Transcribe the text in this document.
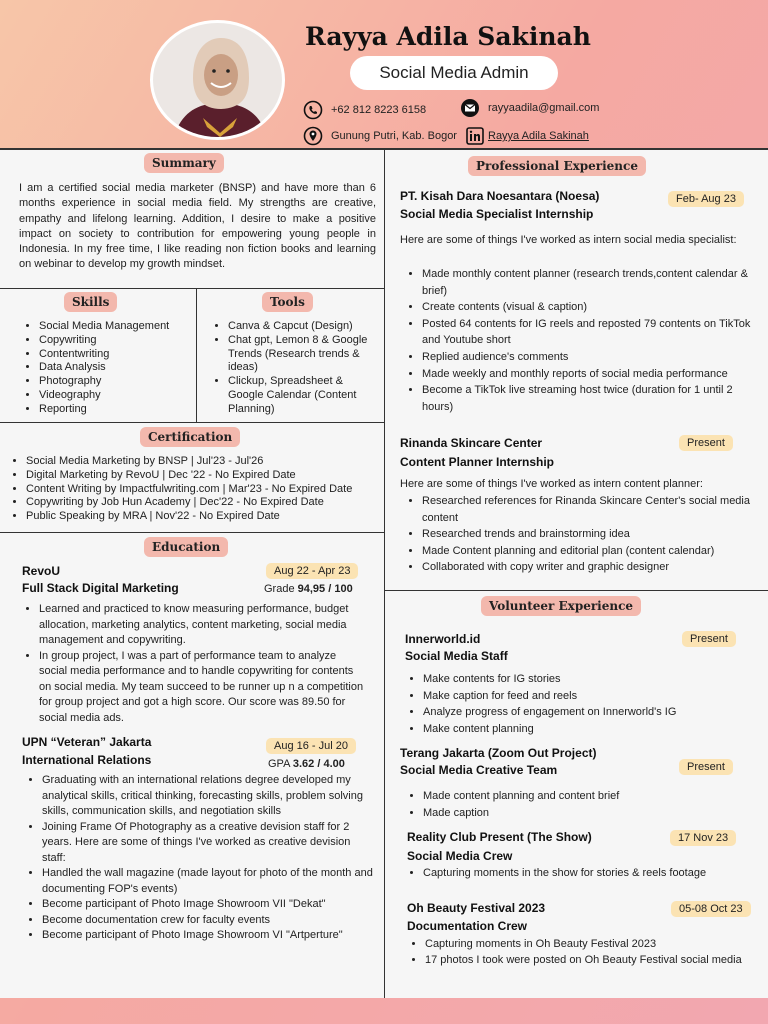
Rayya Adila Sakinah
Social Media Admin
+62 812 8223 6158	rayyaadila@gmail.com
Gunung Putri, Kab. Bogor	Rayya Adila Sakinah
Summary
I am a certified social media marketer (BNSP) and have more than 6 months experience in social media field. My strengths are creative, empathy and lifelong learning. Addition, I desire to make a positive impact on society to contribution for empowering young people in Indonesia. In my free time, I like reading non fiction books and learning on webinar to develop my growth mindset.
Skills
• Social Media Management
• Copywriting
• Contentwriting
• Data Analysis
• Photography
• Videography
• Reporting
Tools
• Canva & Capcut (Design)
• Chat gpt, Lemon 8 & Google Trends (Research trends & ideas)
• Clickup, Spreadsheet & Google Calendar (Content Planning)
Certification
• Social Media Marketing by BNSP | Jul'23 - Jul'26
• Digital Marketing by RevoU | Dec '22 - No Expired Date
• Content Writing by Impactfulwriting.com | Mar'23 - No Expired Date
• Copywriting by Job Hun Academy | Dec'22 - No Expired Date
• Public Speaking by MRA | Nov'22 - No Expired Date
Education
RevoU
Full Stack Digital Marketing
Aug 22 - Apr 23
Grade 94,95 / 100
• Learned and practiced to know measuring performance, budget allocation, marketing analytics, content marketing, social media management and copywriting.
• In group project, I was a part of performance team to analyze social media performance and to handle copywriting for contents on social media. My team succeed to be runner up n a competition for group project and got a high score. Our score was 89.50 for social media ads.
UPN “Veteran” Jakarta
International Relations
Aug 16 - Jul 20
GPA 3.62 / 4.00
• Graduating with an international relations degree developed my analytical skills, critical thinking, forecasting skills, problem solving skills, communication skills, and negotiation skills
• Joining Frame Of Photography as a creative devision staff for 2 years. Here are some of things I've worked as creative devision staff:
• Handled the wall magazine (made layout for photo of the month and documenting FOP's events)
• Become participant of Photo Image Showroom VII "Dekat"
• Become documentation crew for faculty events
• Become participant of Photo Image Showroom VI "Artperture"
Professional Experience
PT. Kisah Dara Noesantara (Noesa)
Social Media Specialist Internship
Feb- Aug 23
Here are some of things I've worked as intern social media specialist:
• Made monthly content planner (research trends,content calendar & brief)
• Create contents (visual & caption)
• Posted 64 contents for IG reels and reposted 79 contents on TikTok and Youtube short
• Replied audience's comments
• Made weekly and monthly reports of social media performance
• Become a TikTok live streaming host twice (duration for 1 until 2 hours)
Rinanda Skincare Center
Content Planner Internship
Present
Here are some of things I've worked as intern content planner:
• Researched references for Rinanda Skincare Center's social media content
• Researched trends and brainstorming idea
• Made Content planning and editorial plan (content calendar)
• Collaborated with copy writer and graphic designer
Volunteer Experience
Innerworld.id
Social Media Staff
Present
• Make contents for IG stories
• Make caption for feed and reels
• Analyze progress of engagement on Innerworld's IG
• Make content planning
Terang Jakarta (Zoom Out Project)
Social Media Creative Team	Present
• Made content planning and content brief
• Made caption
Reality Club Present (The Show)
Social Media Crew
17 Nov 23
• Capturing moments in the show for stories & reels footage
Oh Beauty Festival 2023
Documentation Crew
05-08 Oct 23
• Capturing moments in Oh Beauty Festival 2023
• 17 photos I took were posted on Oh Beauty Festival social media
